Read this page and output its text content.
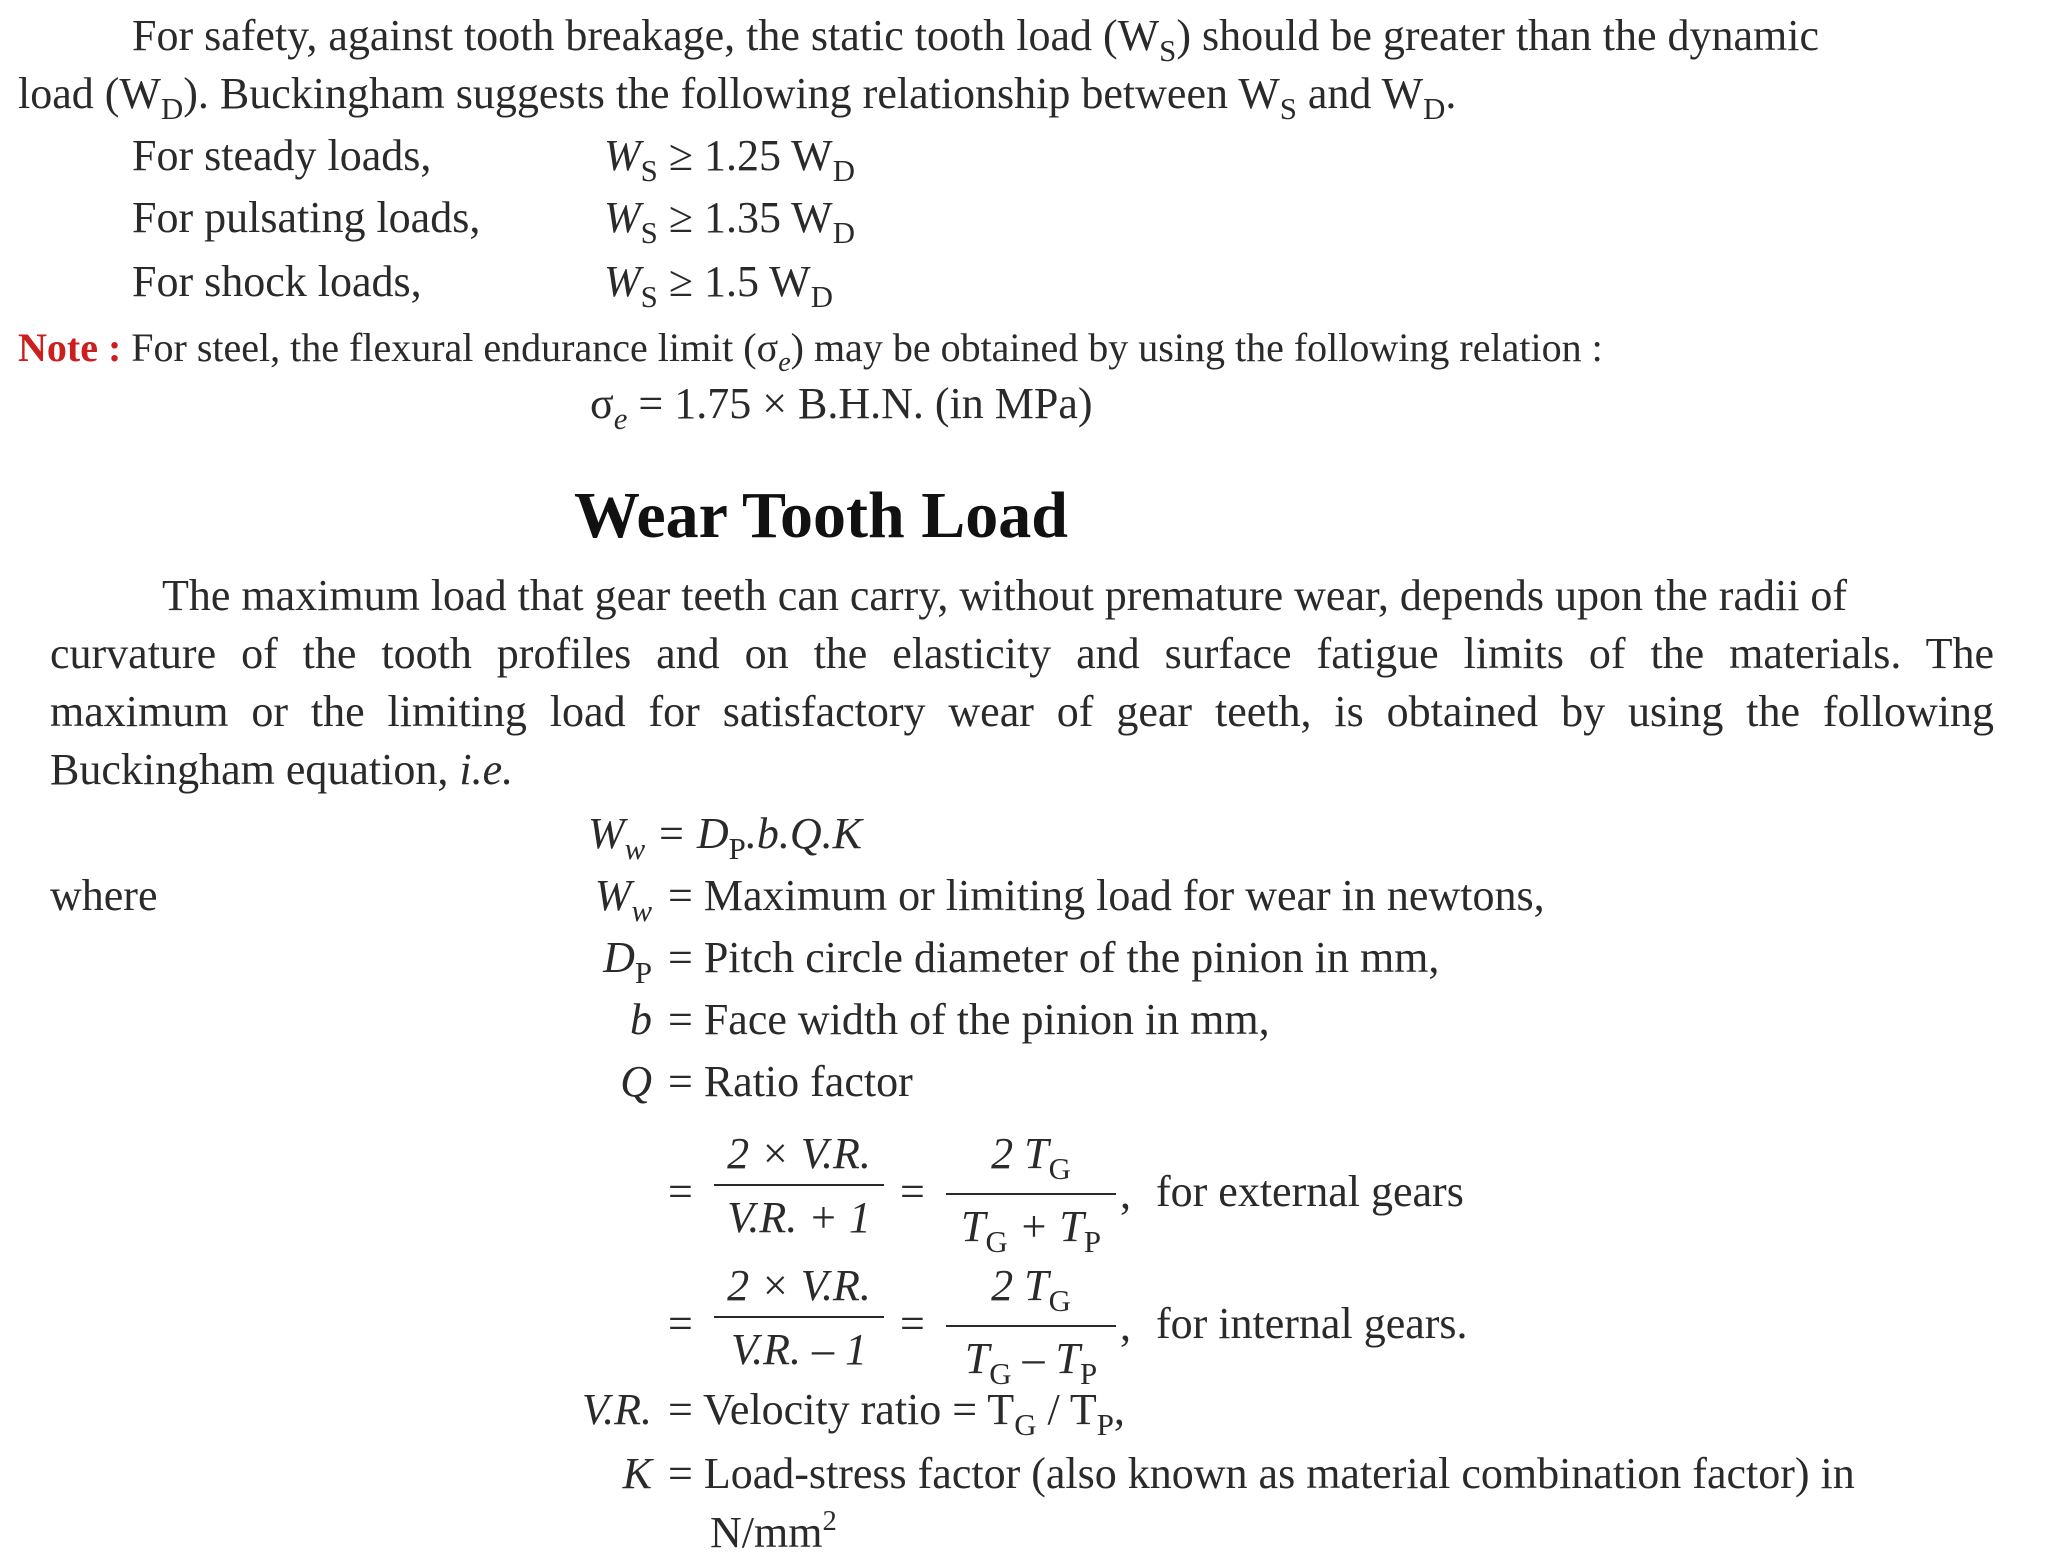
For safety, against tooth breakage, the static tooth load $(W_S)$ should be greater than the dynamic
load $(W_D)$. Buckingham suggests the following relationship between $W_S$ and $W_D$.
For steady loads,	$W_S \ge 1.25$ $W_D$
For pulsating loads,	$W_S \ge 1.35$ $W_D$
For shock loads,	$W_S \ge 1.5$ $W_D$
Note : For steel, the flexural endurance limit $(\sigma_e)$ may be obtained by using the following relation :
$\sigma_e = 1.75 \times B.H.N$. (in MPa)
Wear Tooth Load
The maximum load that gear teeth can carry, without premature wear, depends upon the radii of
curvature of the tooth profiles and on the elasticity and surface fatigue limits of the materials. The
maximum or the limiting load for satisfactory wear of gear teeth, is obtained by using the following
Buckingham equation, i.e.
$W_w = D_P.b.Q.K$
where	$W_w$ = Maximum or limiting load for wear in newtons,
$D_P$ = Pitch circle diameter of the pinion in mm,
b = Face width of the pinion in mm,
Q = Ratio factor
=
2 × V.R.
V.R. + 1
=
2 $T_G$
$T_G + T_P$
, for external gears
=
2 × V.R.
V.R. – 1
=
2 $T_G$
$T_G - T_P$
, for internal gears.
V.R. = Velocity ratio = $T_G / T_P$,
K = Load-stress factor (also known as material combination factor) in
$N/mm^2$
